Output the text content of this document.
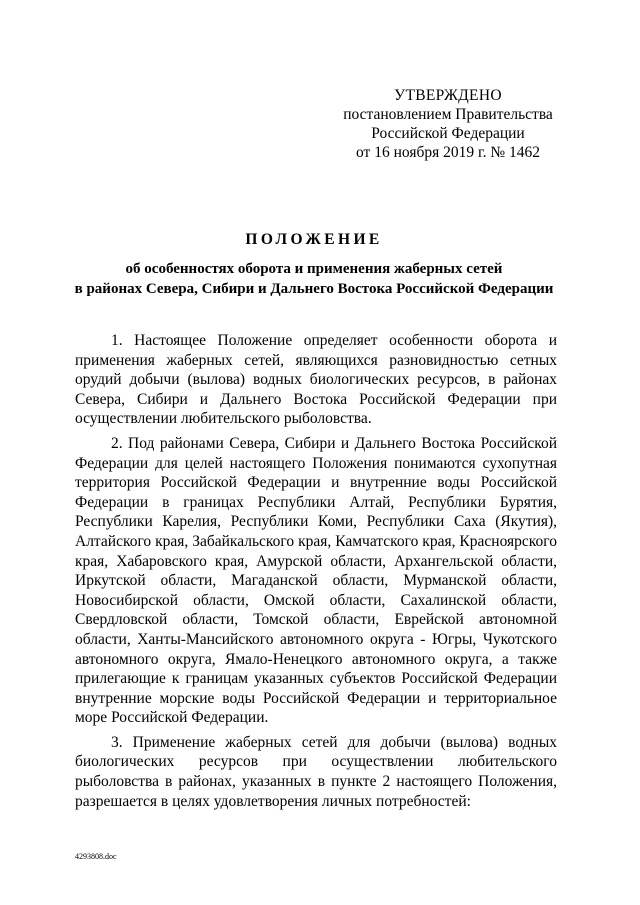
УТВЕРЖДЕНО
постановлением Правительства
Российской Федерации
от 16 ноября 2019 г. № 1462
ПОЛОЖЕНИЕ
об особенностях оборота и применения жаберных сетей
в районах Севера, Сибири и Дальнего Востока Российской Федерации

1. Настоящее Положение определяет особенности оборота и применения жаберных сетей, являющихся разновидностью сетных орудий добычи (вылова) водных биологических ресурсов, в районах Севера, Сибири и Дальнего Востока Российской Федерации при осуществлении любительского рыболовства.

2. Под районами Севера, Сибири и Дальнего Востока Российской Федерации для целей настоящего Положения понимаются сухопутная территория Российской Федерации и внутренние воды Российской Федерации в границах Республики Алтай, Республики Бурятия, Республики Карелия, Республики Коми, Республики Саха (Якутия), Алтайского края, Забайкальского края, Камчатского края, Красноярского края, Хабаровского края, Амурской области, Архангельской области, Иркутской области, Магаданской области, Мурманской области, Новосибирской области, Омской области, Сахалинской области, Свердловской области, Томской области, Еврейской автономной области, Ханты-Мансийского автономного округа - Югры, Чукотского автономного округа, Ямало-Ненецкого автономного округа, а также прилегающие к границам указанных субъектов Российской Федерации внутренние морские воды Российской Федерации и территориальное море Российской Федерации.

3. Применение жаберных сетей для добычи (вылова) водных биологических ресурсов при осуществлении любительского рыболовства в районах, указанных в пункте 2 настоящего Положения, разрешается в целях удовлетворения личных потребностей:

4293808.doc
